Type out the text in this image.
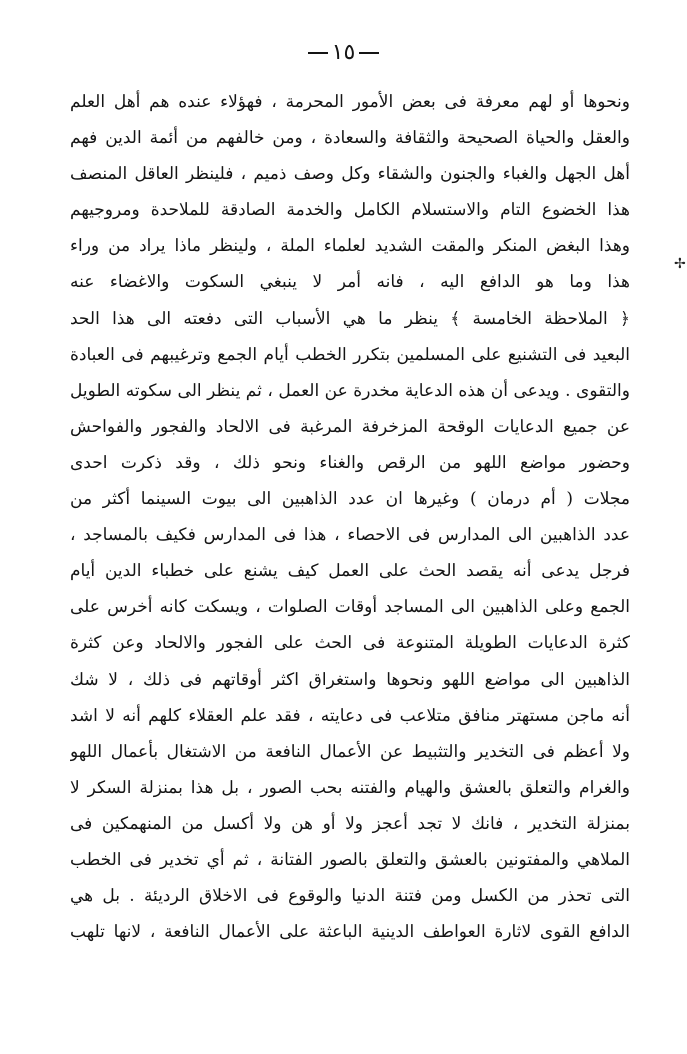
١٥
✢
ونحوها أو لهم معرفة فى بعض الأمور المحرمة ، فهؤلاء عنده هم أهل العلم
والعقل والحياة الصحيحة والثقافة والسعادة ، ومن خالفهم من أئمة الدين فهم
أهل الجهل والغباء والجنون والشقاء وكل وصف ذميم ، فلينظر العاقل المنصف
هذا الخضوع التام والاستسلام الكامل والخدمة الصادقة للملاحدة ومروجيهم
وهذا البغض المنكر والمقت الشديد لعلماء الملة ، ولينظر ماذا يراد من وراء
هذا وما هو الدافع اليه ، فانه أمر لا ينبغي السكوت والاغضاء عنه
﴿ الملاحظة الخامسة ﴾ ينظر ما هي الأسباب التى دفعته الى هذا الحد
البعيد فى التشنيع على المسلمين بتكرر الخطب أيام الجمع وترغيبهم فى العبادة
والتقوى . ويدعى أن هذه الدعاية مخدرة عن العمل ، ثم ينظر الى سكوته الطويل
عن جميع الدعايات الوقحة المزخرفة المرغبة فى الالحاد والفجور والفواحش
وحضور مواضع اللهو من الرقص والغناء ونحو ذلك ، وقد ذكرت احدى
مجلات ( أم درمان ) وغيرها ان عدد الذاهبين الى بيوت السينما أكثر من
عدد الذاهبين الى المدارس فى الاحصاء ، هذا فى المدارس فكيف بالمساجد ،
فرجل يدعى أنه يقصد الحث على العمل كيف يشنع على خطباء الدين أيام
الجمع وعلى الذاهبين الى المساجد أوقات الصلوات ، ويسكت كانه أخرس على
كثرة الدعايات الطويلة المتنوعة فى الحث على الفجور والالحاد وعن كثرة
الذاهبين الى مواضع اللهو ونحوها واستغراق اكثر أوقاتهم فى ذلك ، لا شك
أنه ماجن مستهتر منافق متلاعب فى دعايته ، فقد علم العقلاء كلهم أنه لا اشد
ولا أعظم فى التخدير والتثبيط عن الأعمال النافعة من الاشتغال بأعمال اللهو
والغرام والتعلق بالعشق والهيام والفتنه بحب الصور ، بل هذا بمنزلة السكر لا
بمنزلة التخدير ، فانك لا تجد أعجز ولا أو هن ولا أكسل من المنهمكين فى
الملاهي والمفتونين بالعشق والتعلق بالصور الفتانة ، ثم أي تخدير فى الخطب
التى تحذر من الكسل ومن فتنة الدنيا والوقوع فى الاخلاق الرديئة . بل هي
الدافع القوى لاثارة العواطف الدينية الباعثة على الأعمال النافعة ، لانها تلهب
